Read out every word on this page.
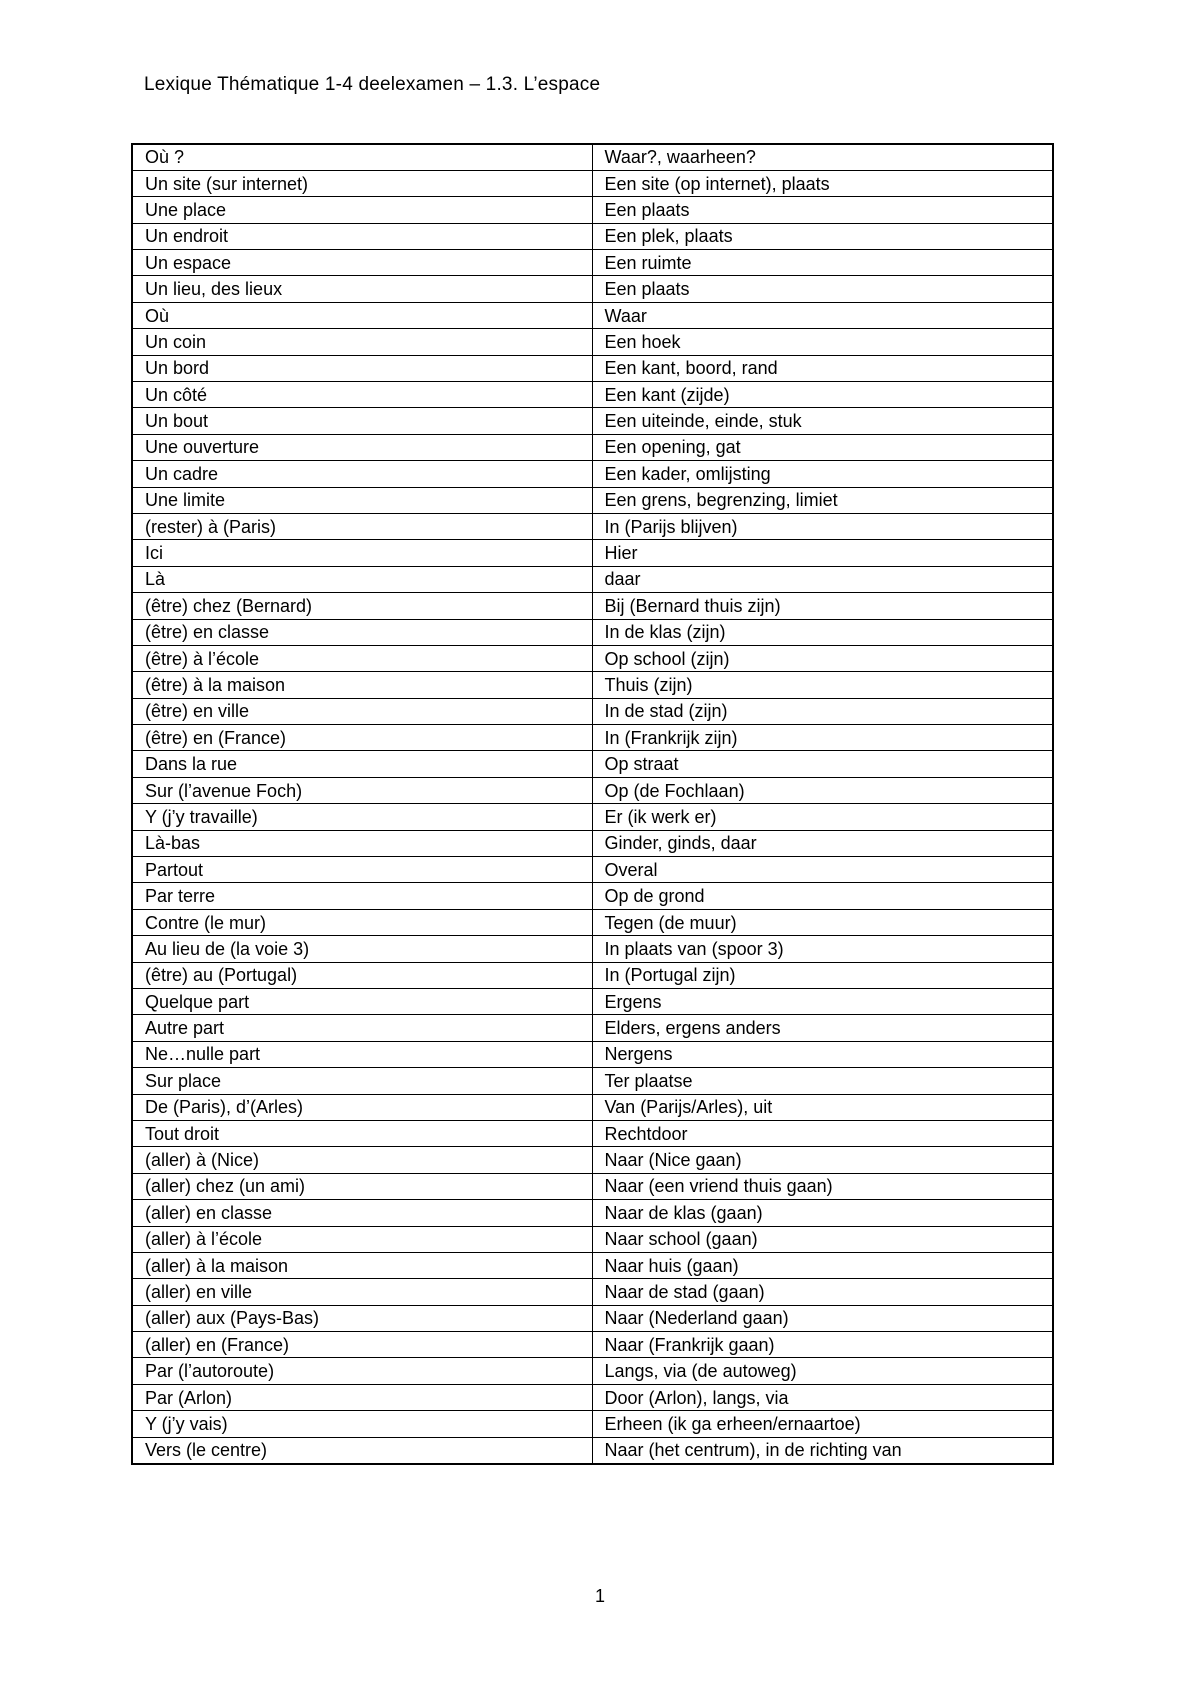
Lexique Thématique 1-4 deelexamen – 1.3. L’espace
Où ?	Waar?, waarheen?
Un site (sur internet)	Een site (op internet), plaats
Une place	Een plaats
Un endroit	Een plek, plaats
Un espace	Een ruimte
Un lieu, des lieux	Een plaats
Où	Waar
Un coin	Een hoek
Un bord	Een kant, boord, rand
Un côté	Een kant (zijde)
Un bout	Een uiteinde, einde, stuk
Une ouverture	Een opening, gat
Un cadre	Een kader, omlijsting
Une limite	Een grens, begrenzing, limiet
(rester) à (Paris)	In (Parijs blijven)
Ici	Hier
Là	daar
(être) chez (Bernard)	Bij (Bernard thuis zijn)
(être) en classe	In de klas (zijn)
(être) à l’école	Op school (zijn)
(être) à la maison	Thuis (zijn)
(être) en ville	In de stad (zijn)
(être) en (France)	In (Frankrijk zijn)
Dans la rue	Op straat
Sur (l’avenue Foch)	Op (de Fochlaan)
Y (j’y travaille)	Er (ik werk er)
Là-bas	Ginder, ginds, daar
Partout	Overal
Par terre	Op de grond
Contre (le mur)	Tegen (de muur)
Au lieu de (la voie 3)	In plaats van (spoor 3)
(être) au (Portugal)	In (Portugal zijn)
Quelque part	Ergens
Autre part	Elders, ergens anders
Ne…nulle part	Nergens
Sur place	Ter plaatse
De (Paris), d’(Arles)	Van (Parijs/Arles), uit
Tout droit	Rechtdoor
(aller) à (Nice)	Naar (Nice gaan)
(aller) chez (un ami)	Naar (een vriend thuis gaan)
(aller) en classe	Naar de klas (gaan)
(aller) à l’école	Naar school (gaan)
(aller) à la maison	Naar huis (gaan)
(aller) en ville	Naar de stad (gaan)
(aller) aux (Pays-Bas)	Naar (Nederland gaan)
(aller) en (France)	Naar (Frankrijk gaan)
Par (l’autoroute)	Langs, via (de autoweg)
Par (Arlon)	Door (Arlon), langs, via
Y (j’y vais)	Erheen (ik ga erheen/ernaartoe)
Vers (le centre)	Naar (het centrum), in de richting van
1
